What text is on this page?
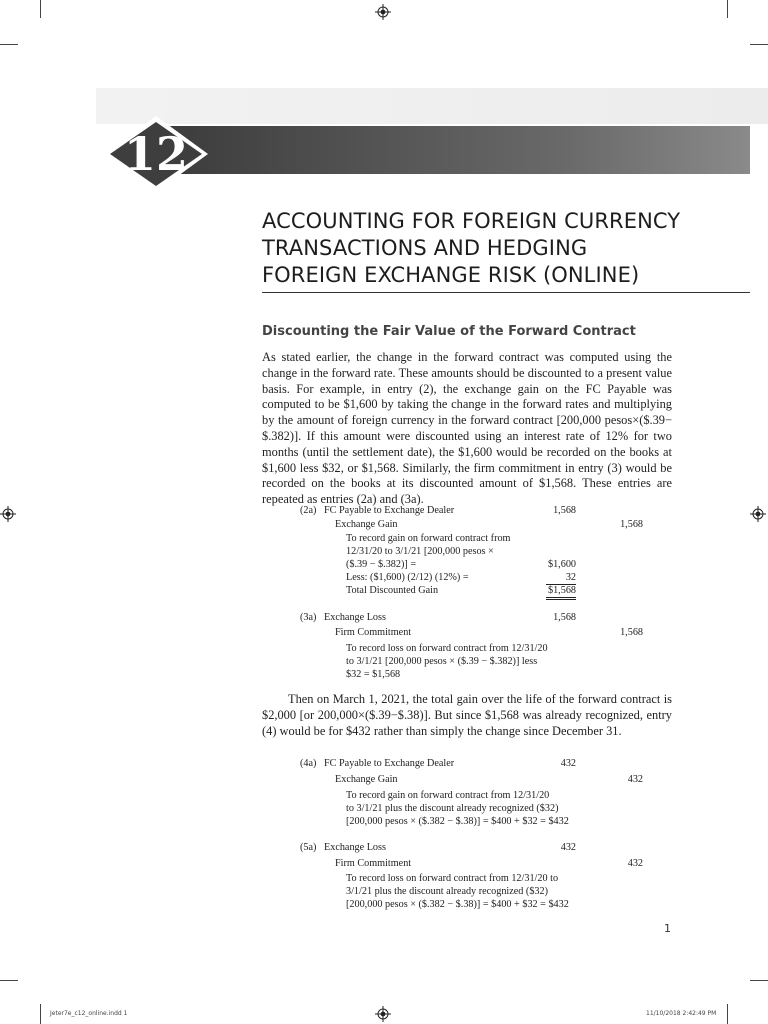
12
ACCOUNTING FOR FOREIGN CURRENCY
TRANSACTIONS AND HEDGING
FOREIGN EXCHANGE RISK (ONLINE)
Discounting the Fair Value of the Forward Contract
As stated earlier, the change in the forward contract was computed using the change in the forward rate. These amounts should be discounted to a present value basis. For example, in entry (2), the exchange gain on the FC Payable was computed to be $1,600 by taking the change in the forward rates and multiplying by the amount of foreign currency in the forward contract [200,000 pesos×($.39−$.382)]. If this amount were discounted using an interest rate of 12% for two months (until the settlement date), the $1,600 would be recorded on the books at $1,600 less $32, or $1,568. Similarly, the firm commitment in entry (3) would be recorded on the books at its discounted amount of $1,568. These entries are repeated as entries (2a) and (3a).
(2a) FC Payable to Exchange Dealer	1,568
Exchange Gain	1,568
To record gain on forward contract from
12/31/20 to 3/1/21 [200,000 pesos ×
($.39 − $.382)] =	$1,600
Less: ($1,600) (2/12) (12%) =	32
Total Discounted Gain	$1,568
(3a) Exchange Loss	1,568
Firm Commitment	1,568
To record loss on forward contract from 12/31/20
to 3/1/21 [200,000 pesos × ($.39 − $.382)] less
$32 = $1,568
Then on March 1, 2021, the total gain over the life of the forward contract is $2,000 [or 200,000×($.39−$.38)]. But since $1,568 was already recognized, entry (4) would be for $432 rather than simply the change since December 31.
(4a) FC Payable to Exchange Dealer	432
Exchange Gain	432
To record gain on forward contract from 12/31/20
to 3/1/21 plus the discount already recognized ($32)
[200,000 pesos × ($.382 − $.38)] = $400 + $32 = $432
(5a) Exchange Loss	432
Firm Commitment	432
To record loss on forward contract from 12/31/20 to
3/1/21 plus the discount already recognized ($32)
[200,000 pesos × ($.382 − $.38)] = $400 + $32 = $432
1
Jeter7e_c12_online.indd 1	11/10/2018 2:42:49 PM
